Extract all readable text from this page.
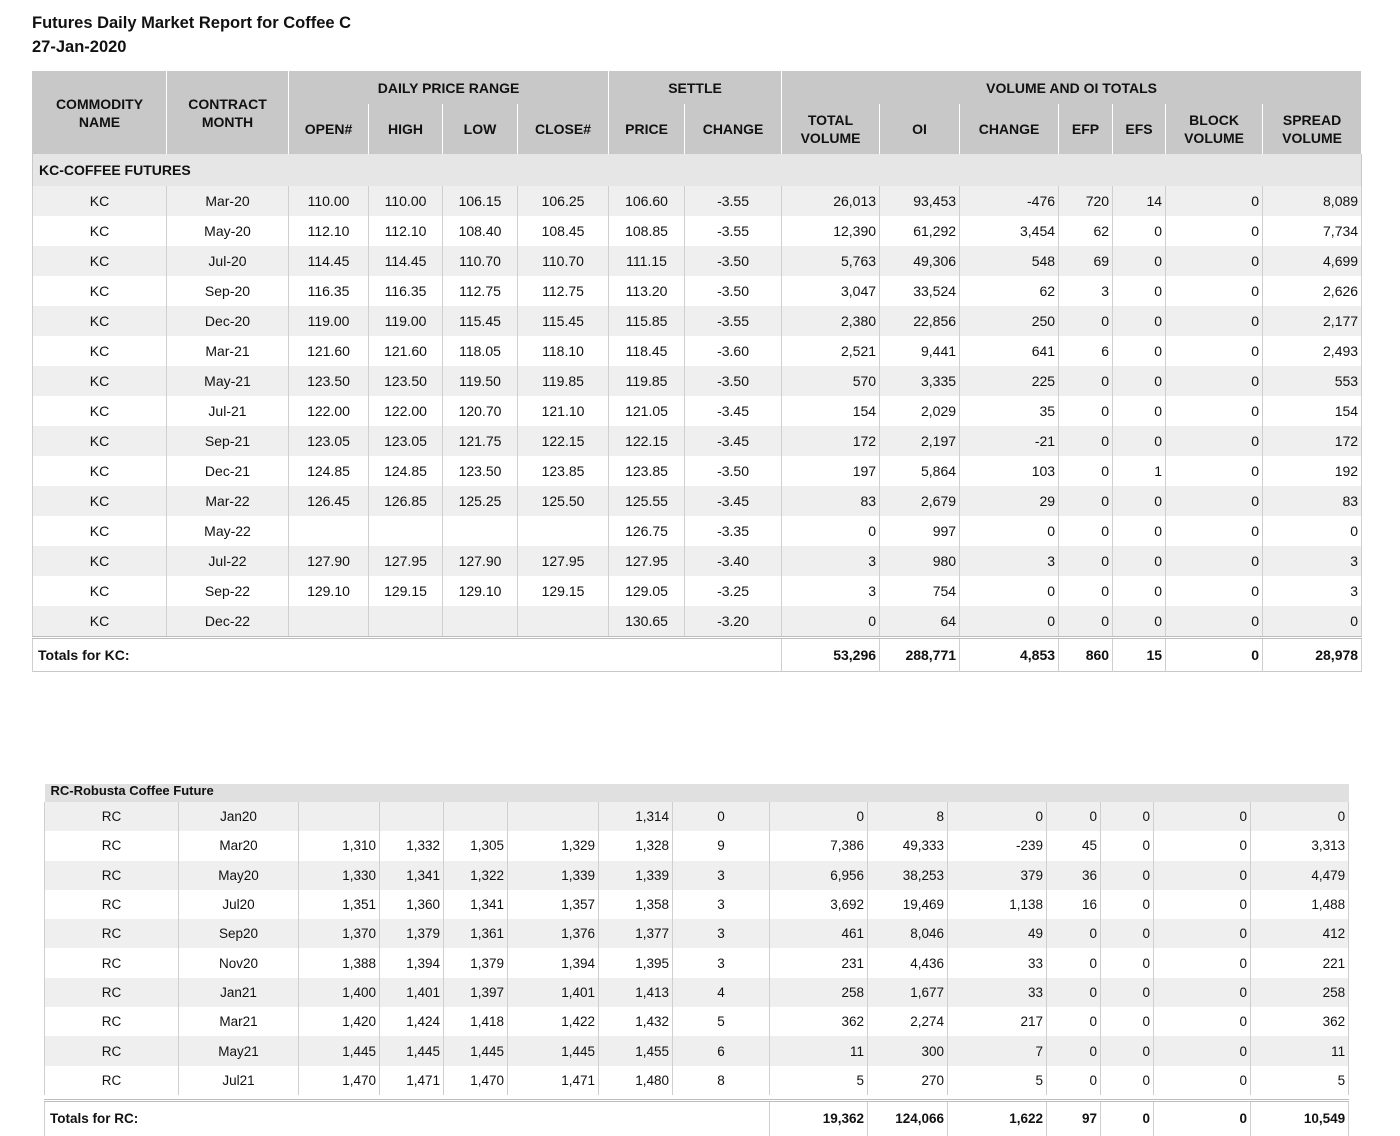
Futures Daily Market Report for Coffee C
27-Jan-2020
COMMODITY NAME	CONTRACT MONTH	DAILY PRICE RANGE				SETTLE		VOLUME AND OI TOTALS						
		OPEN#	HIGH	LOW	CLOSE#	PRICE	CHANGE	TOTAL VOLUME	OI	CHANGE	EFP	EFS	BLOCK VOLUME	SPREAD VOLUME
KC-COFFEE FUTURES														
KC	Mar-20	110.00	110.00	106.15	106.25	106.60	-3.55	26,013	93,453	-476	720	14	0	8,089
KC	May-20	112.10	112.10	108.40	108.45	108.85	-3.55	12,390	61,292	3,454	62	0	0	7,734
KC	Jul-20	114.45	114.45	110.70	110.70	111.15	-3.50	5,763	49,306	548	69	0	0	4,699
KC	Sep-20	116.35	116.35	112.75	112.75	113.20	-3.50	3,047	33,524	62	3	0	0	2,626
KC	Dec-20	119.00	119.00	115.45	115.45	115.85	-3.55	2,380	22,856	250	0	0	0	2,177
KC	Mar-21	121.60	121.60	118.05	118.10	118.45	-3.60	2,521	9,441	641	6	0	0	2,493
KC	May-21	123.50	123.50	119.50	119.85	119.85	-3.50	570	3,335	225	0	0	0	553
KC	Jul-21	122.00	122.00	120.70	121.10	121.05	-3.45	154	2,029	35	0	0	0	154
KC	Sep-21	123.05	123.05	121.75	122.15	122.15	-3.45	172	2,197	-21	0	0	0	172
KC	Dec-21	124.85	124.85	123.50	123.85	123.85	-3.50	197	5,864	103	0	1	0	192
KC	Mar-22	126.45	126.85	125.25	125.50	125.55	-3.45	83	2,679	29	0	0	0	83
KC	May-22					126.75	-3.35	0	997	0	0	0	0	0
KC	Jul-22	127.90	127.95	127.90	127.95	127.95	-3.40	3	980	3	0	0	0	3
KC	Sep-22	129.10	129.15	129.10	129.15	129.05	-3.25	3	754	0	0	0	0	3
KC	Dec-22					130.65	-3.20	0	64	0	0	0	0	0
Totals for KC:								53,296	288,771	4,853	860	15	0	28,978
RC-Robusta Coffee Future														
RC	Jan20					1,314	0	0	8	0	0	0	0	0
RC	Mar20	1,310	1,332	1,305	1,329	1,328	9	7,386	49,333	-239	45	0	0	3,313
RC	May20	1,330	1,341	1,322	1,339	1,339	3	6,956	38,253	379	36	0	0	4,479
RC	Jul20	1,351	1,360	1,341	1,357	1,358	3	3,692	19,469	1,138	16	0	0	1,488
RC	Sep20	1,370	1,379	1,361	1,376	1,377	3	461	8,046	49	0	0	0	412
RC	Nov20	1,388	1,394	1,379	1,394	1,395	3	231	4,436	33	0	0	0	221
RC	Jan21	1,400	1,401	1,397	1,401	1,413	4	258	1,677	33	0	0	0	258
RC	Mar21	1,420	1,424	1,418	1,422	1,432	5	362	2,274	217	0	0	0	362
RC	May21	1,445	1,445	1,445	1,445	1,455	6	11	300	7	0	0	0	11
RC	Jul21	1,470	1,471	1,470	1,471	1,480	8	5	270	5	0	0	0	5

Totals for RC:								19,362	124,066	1,622	97	0	0	10,549
